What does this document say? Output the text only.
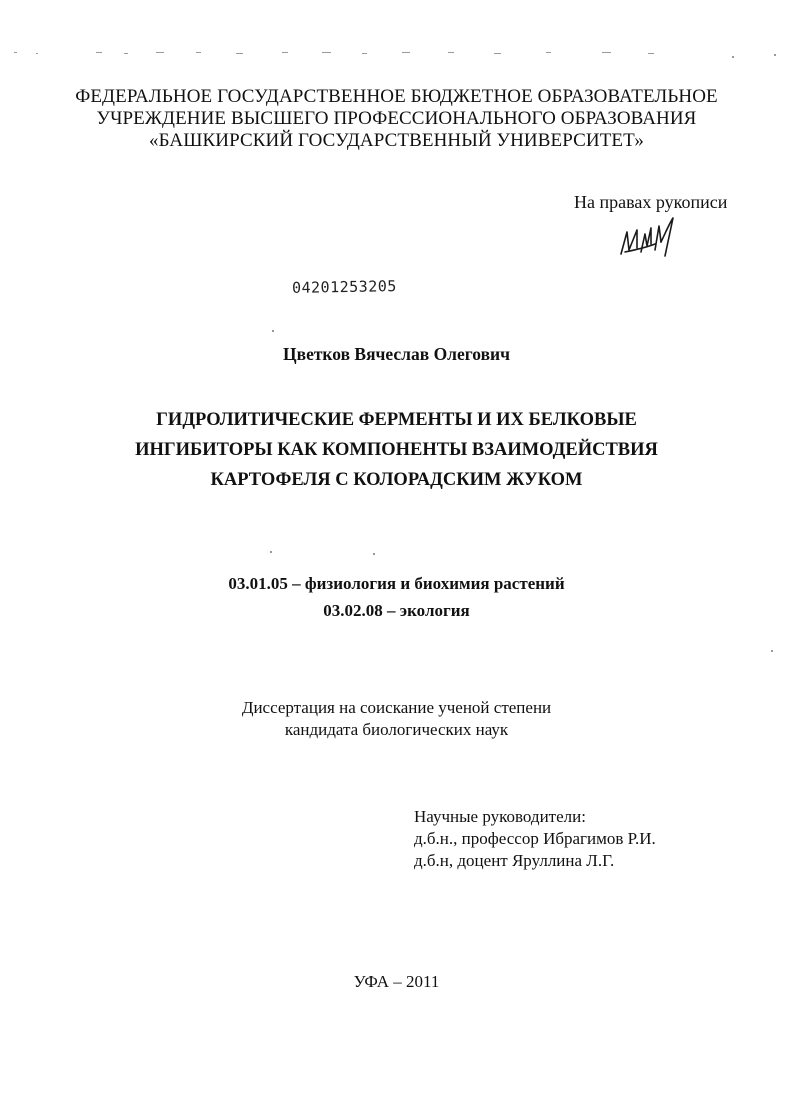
ФЕДЕРАЛЬНОЕ ГОСУДАРСТВЕННОЕ БЮДЖЕТНОЕ ОБРАЗОВАТЕЛЬНОЕ
УЧРЕЖДЕНИЕ ВЫСШЕГО ПРОФЕССИОНАЛЬНОГО ОБРАЗОВАНИЯ
«БАШКИРСКИЙ ГОСУДАРСТВЕННЫЙ УНИВЕРСИТЕТ»
На правах рукописи
04201253205
Цветков Вячеслав Олегович
ГИДРОЛИТИЧЕСКИЕ ФЕРМЕНТЫ И ИХ БЕЛКОВЫЕ
ИНГИБИТОРЫ КАК КОМПОНЕНТЫ ВЗАИМОДЕЙСТВИЯ
КАРТОФЕЛЯ С КОЛОРАДСКИМ ЖУКОМ
03.01.05 – физиология и биохимия растений
03.02.08 – экология
Диссертация на соискание ученой степени
кандидата биологических наук
Научные руководители:
д.б.н., профессор Ибрагимов Р.И.
д.б.н, доцент Яруллина Л.Г.
УФА – 2011
